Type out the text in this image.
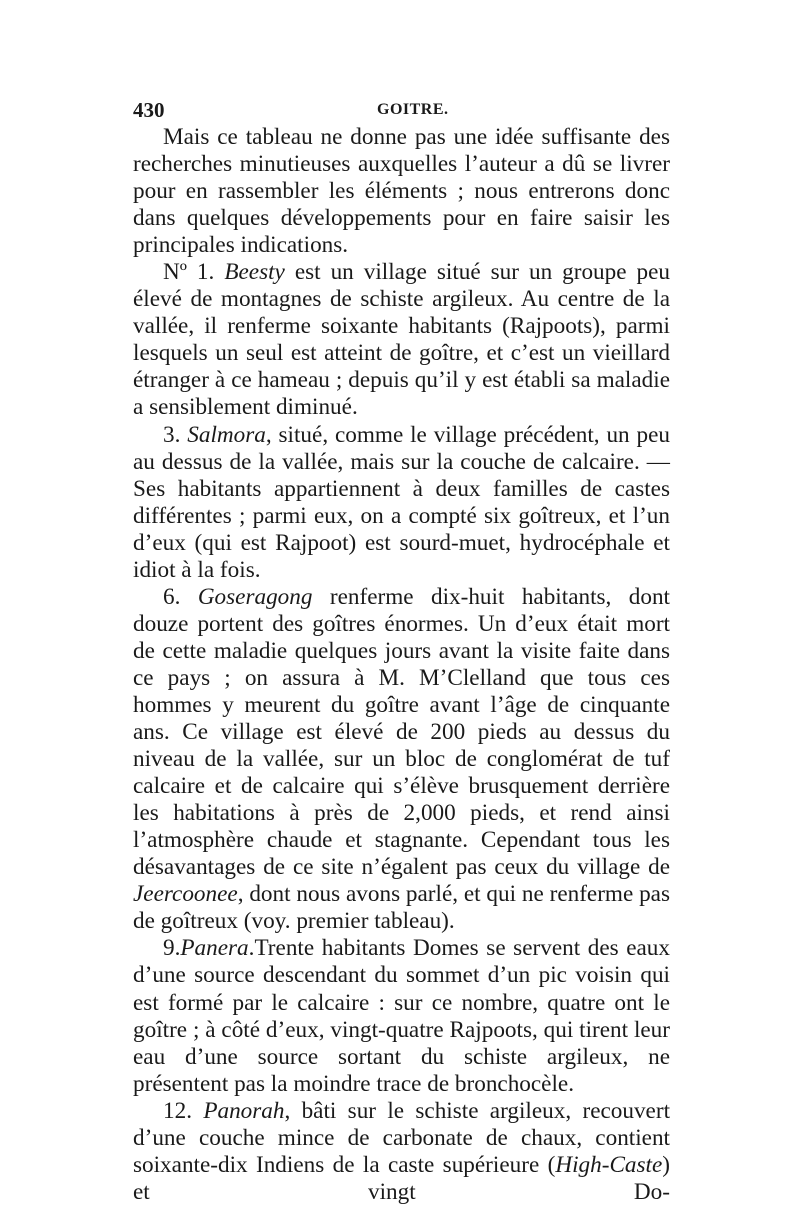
430	GOITRE.

Mais ce tableau ne donne pas une idée suffisante des recherches minutieuses auxquelles l’auteur a dû se livrer pour en rassembler les éléments ; nous entrerons donc dans quelques développements pour en faire saisir les principales indications.

Nº 1. Beesty est un village situé sur un groupe peu élevé de montagnes de schiste argileux. Au centre de la vallée, il renferme soixante habitants (Rajpoots), parmi lesquels un seul est atteint de goître, et c’est un vieillard étranger à ce hameau ; depuis qu’il y est établi sa maladie a sensiblement diminué.

3. Salmora, situé, comme le village précédent, un peu au dessus de la vallée, mais sur la couche de calcaire. — Ses habitants appartiennent à deux familles de castes différentes ; parmi eux, on a compté six goîtreux, et l’un d’eux (qui est Rajpoot) est sourd-muet, hydrocéphale et idiot à la fois.

6. Goseragong renferme dix-huit habitants, dont douze portent des goîtres énormes. Un d’eux était mort de cette maladie quelques jours avant la visite faite dans ce pays ; on assura à M. M’Clelland que tous ces hommes y meurent du goître avant l’âge de cinquante ans. Ce village est élevé de 200 pieds au dessus du niveau de la vallée, sur un bloc de conglomérat de tuf calcaire et de calcaire qui s’élève brusquement derrière les habitations à près de 2,000 pieds, et rend ainsi l’atmosphère chaude et stagnante. Cependant tous les désavantages de ce site n’égalent pas ceux du village de Jeercoonee, dont nous avons parlé, et qui ne renferme pas de goîtreux (voy. premier tableau).

9.Panera.Trente habitants Domes se servent des eaux d’une source descendant du sommet d’un pic voisin qui est formé par le calcaire : sur ce nombre, quatre ont le goître ; à côté d’eux, vingt-quatre Rajpoots, qui tirent leur eau d’une source sortant du schiste argileux, ne présentent pas la moindre trace de bronchocèle.

12. Panorah, bâti sur le schiste argileux, recouvert d’une couche mince de carbonate de chaux, contient soixante-dix Indiens de la caste supérieure (High-Caste) et vingt Do-
